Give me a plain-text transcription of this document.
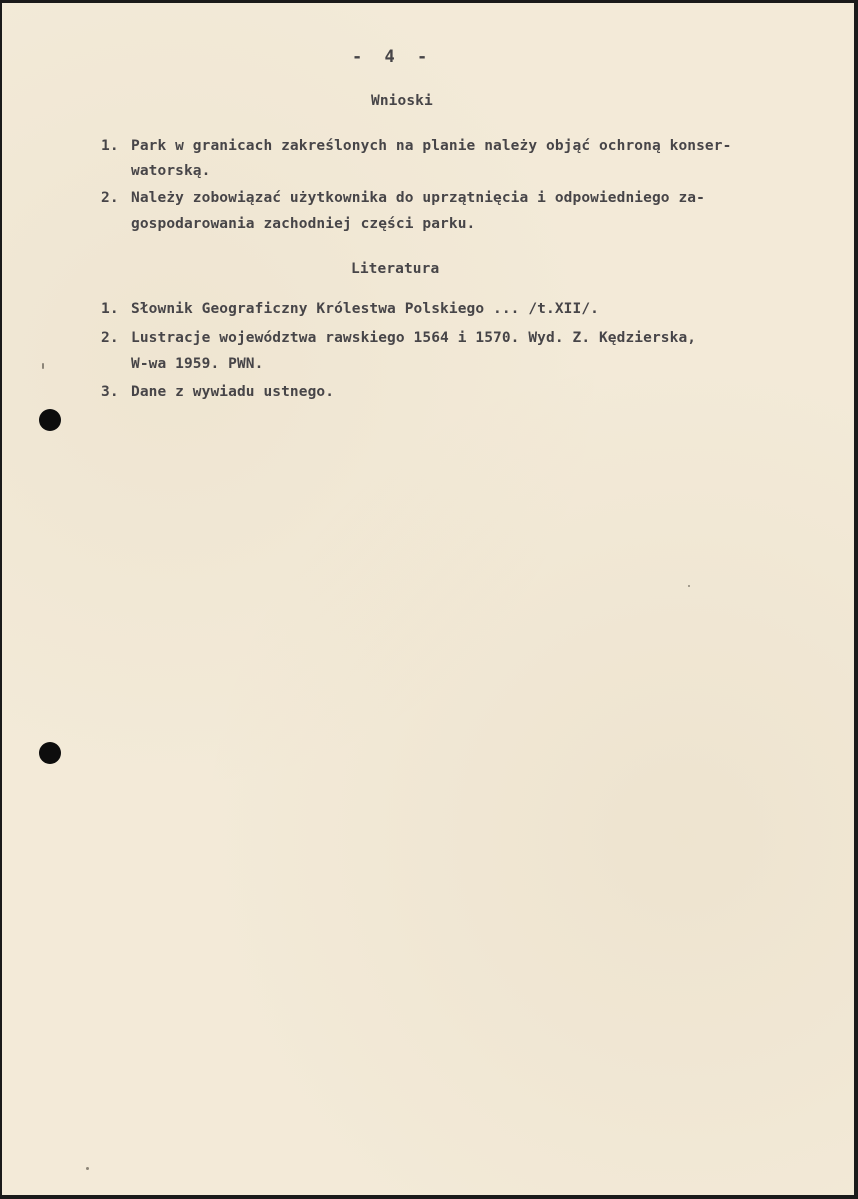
- 4 -
Wnioski
1. Park w granicach zakreślonych na planie należy objąć ochroną konser-
watorską.
2. Należy zobowiązać użytkownika do uprzątnięcia i odpowiedniego za-
gospodarowania zachodniej części parku.
Literatura
1. Słownik Geograficzny Królestwa Polskiego ... /t.XII/.
2. Lustracje województwa rawskiego 1564 i 1570. Wyd. Z. Kędzierska,
W-wa 1959. PWN.
3. Dane z wywiadu ustnego.
